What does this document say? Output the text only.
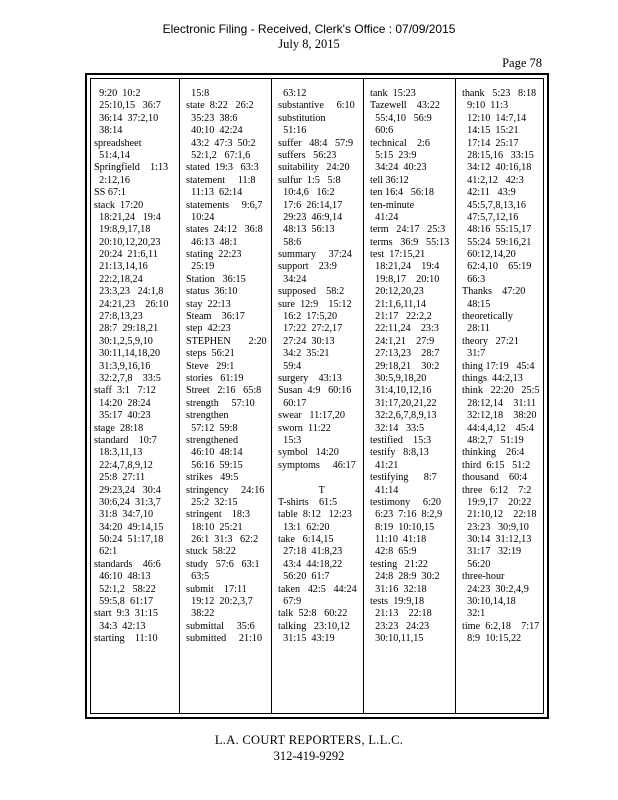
Electronic Filing - Received, Clerk's Office : 07/09/2015
July 8, 2015
Page 78
9:20  10:2
25:10,15   36:7
36:14  37:2,10
38:14
spreadsheet
51:4,14
Springfield    1:13
2:12,16
SS 67:1
stack  17:20
18:21,24   19:4
19:8,9,17,18
20:10,12,20,23
20:24  21:6,11
21:13,14,16
22:2,18,24
23:3,23   24:1,8
24:21,23    26:10
27:8,13,23
28:7  29:18,21
30:1,2,5,9,10
30:11,14,18,20
31:3,9,16,16
32:2,7,8    33:5
staff  3:1   7:12
14:20  28:24
35:17  40:23
stage  28:18
standard    10:7
18:3,11,13
22:4,7,8,9,12
25:8  27:11
29:23,24   30:4
30:6,24  31:3,7
31:8  34:7,10
34:20  49:14,15
50:24  51:17,18
62:1
standards    46:6
46:10  48:13
52:1,2   58:22
59:5,8  61:17
start  9:3  31:15
34:3  42:13
starting    11:10
15:8
state  8:22   26:2
35:23  38:6
40:10  42:24
43:2  47:3  50:2
52:1,2   67:1,6
stated  19:3   63:3
statement     11:8
11:13  62:14
statements     9:6,7
10:24
states  24:12   36:8
46:13  48:1
stating  22:23
25:19
Station   36:15
status  36:10
stay  22:13
Steam    36:17
step  42:23
STEPHEN       2:20
steps  56:21
Steve   29:1
stories   61:19
Street   2:16   65:8
strength     57:10
strengthen
57:12  59:8
strengthened
46:10  48:14
56:16  59:15
strikes   49:5
stringency     24:16
25:2  32:15
stringent    18:3
18:10  25:21
26:1  31:3   62:2
stuck  58:22
study   57:6   63:1
63:5
submit    17:11
19:12  20:2,3,7
38:22
submittal     35:6
submitted     21:10
63:12
substantive     6:10
substitution
51:16
suffer   48:4   57:9
suffers   56:23
suitability   24:20
sulfur  1:5   5:8
10:4,6   16:2
17:6  26:14,17
29:23  46:9,14
48:13  56:13
58:6
summary     37:24
support    23:9
34:24
supposed    58:2
sure  12:9    15:12
16:2  17:5,20
17:22  27:2,17
27:24  30:13
34:2  35:21
59:4
surgery    43:13
Susan  4:9   60:16
60:17
swear   11:17,20
sworn  11:22
15:3
symbol   14:20
symptoms     46:17
T
T-shirts    61:5
table  8:12   12:23
13:1  62:20
take   6:14,15
27:18  41:8,23
43:4  44:18,22
56:20  61:7
taken   42:5   44:24
67:9
talk  52:8   60:22
talking   23:10,12
31:15  43:19
tank  15:23
Tazewell    43:22
55:4,10   56:9
60:6
technical    2:6
5:15  23:9
34:24  40:23
tell 36:12
ten 16:4   56:18
ten-minute
41:24
term   24:17   25:3
terms   36:9   55:13
test  17:15,21
18:21,24    19:4
19:8,17    20:10
20:12,20,23
21:1,6,11,14
21:17   22:2,2
22:11,24    23:3
24:1,21    27:9
27:13,23    28:7
29:18,21    30:2
30:5,9,18,20
31:4,10,12,16
31:17,20,21,22
32:2,6,7,8,9,13
32:14   33:5
testified    15:3
testify   8:8,13
41:21
testifying      8:7
41:14
testimony     6:20
6:23  7:16  8:2,9
8:19  10:10,15
11:10  41:18
42:8  65:9
testing   21:22
24:8  28:9  30:2
31:16  32:18
tests  19:9,18
21:13    22:18
23:23   24:23
30:10,11,15
thank   5:23   8:18
9:10  11:3
12:10  14:7,14
14:15  15:21
17:14  25:17
28:15,16   33:15
34:12  40:16,18
41:2,12   42:3
42:11   43:9
45:5,7,8,13,16
47:5,7,12,16
48:16  55:15,17
55:24  59:16,21
60:12,14,20
62:4,10    65:19
66:3
Thanks    47:20
48:15
theoretically
28:11
theory   27:21
31:7
thing 17:19   45:4
things  44:2,13
think   22:20   25:5
28:12,14    31:11
32:12,18    38:20
44:4,4,12    45:4
48:2,7   51:19
thinking    26:4
third  6:15   51:2
thousand    60:4
three   6:12    7:2
19:9,17    20:22
21:10,12    22:18
23:23   30:9,10
30:14  31:12,13
31:17   32:19
56:20
three-hour
24:23  30:2,4,9
30:10,14,18
32:1
time  6:2,18    7:17
8:9  10:15,22
L.A. COURT REPORTERS, L.L.C.
312-419-9292
